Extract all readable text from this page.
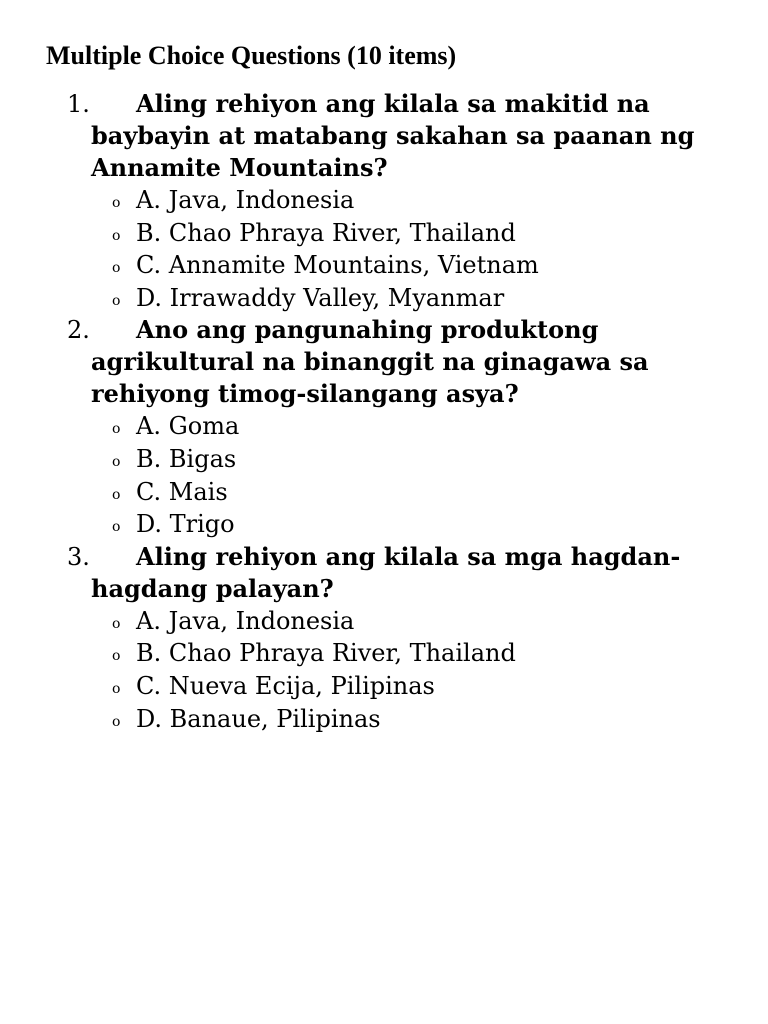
Multiple Choice Questions (10 items)
1.	Aling rehiyon ang kilala sa makitid na baybayin at matabang sakahan sa paanan ng Annamite Mountains?

o A. Java, Indonesia
o B. Chao Phraya River, Thailand
o C. Annamite Mountains, Vietnam
o D. Irrawaddy Valley, Myanmar
2.	Ano ang pangunahing produktong agrikultural na binanggit na ginagawa sa rehiyong timog-silangang asya?

o A. Goma
o B. Bigas
o C. Mais
o D. Trigo
3.	Aling rehiyon ang kilala sa mga hagdan-hagdang palayan?

o A. Java, Indonesia
o B. Chao Phraya River, Thailand
o C. Nueva Ecija, Pilipinas
o D. Banaue, Pilipinas
